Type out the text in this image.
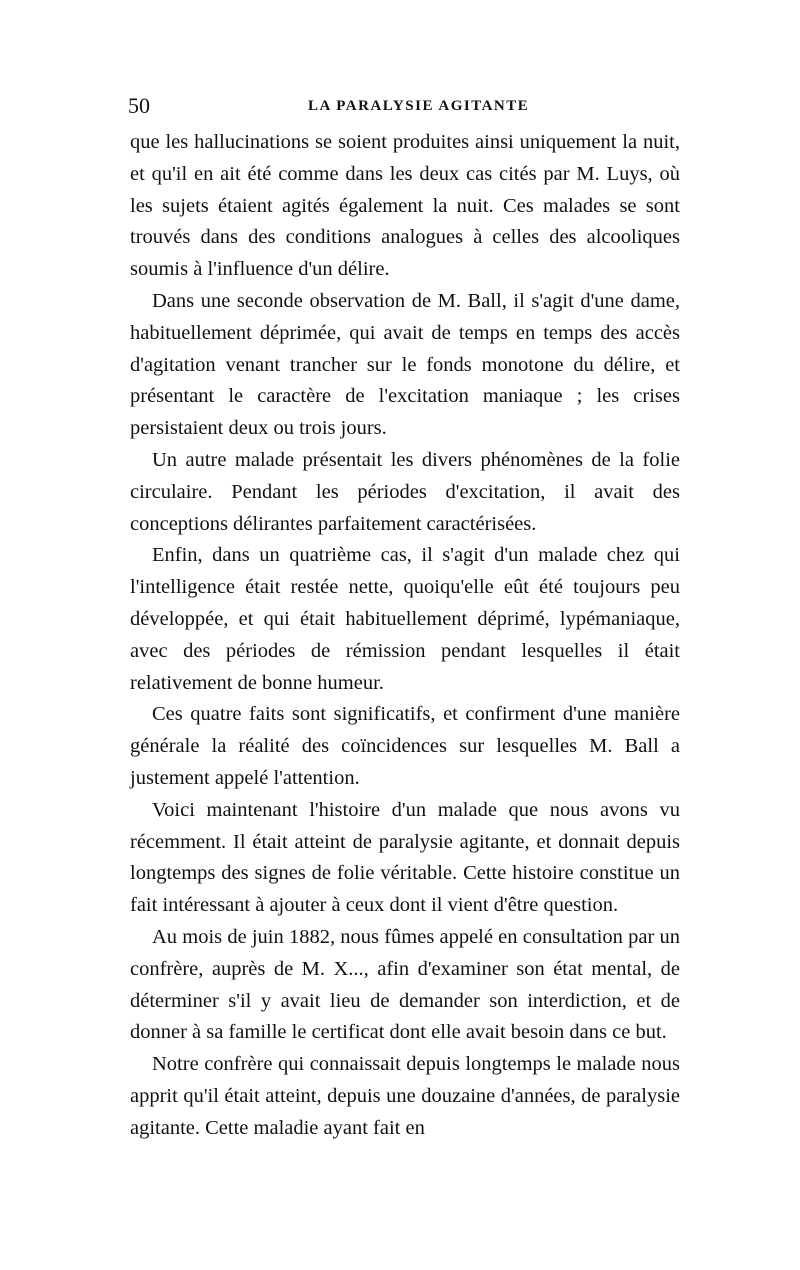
50	LA PARALYSIE AGITANTE

que les hallucinations se soient produites ainsi uniquement la nuit, et qu'il en ait été comme dans les deux cas cités par M. Luys, où les sujets étaient agités également la nuit. Ces malades se sont trouvés dans des conditions analogues à celles des alcooliques soumis à l'influence d'un délire.

Dans une seconde observation de M. Ball, il s'agit d'une dame, habituellement déprimée, qui avait de temps en temps des accès d'agitation venant trancher sur le fonds monotone du délire, et présentant le caractère de l'excitation maniaque ; les crises persistaient deux ou trois jours.

Un autre malade présentait les divers phénomènes de la folie circulaire. Pendant les périodes d'excitation, il avait des conceptions délirantes parfaitement caractérisées.

Enfin, dans un quatrième cas, il s'agit d'un malade chez qui l'intelligence était restée nette, quoiqu'elle eût été toujours peu développée, et qui était habituellement déprimé, lypémaniaque, avec des périodes de rémission pendant lesquelles il était relativement de bonne humeur.

Ces quatre faits sont significatifs, et confirment d'une manière générale la réalité des coïncidences sur lesquelles M. Ball a justement appelé l'attention.

Voici maintenant l'histoire d'un malade que nous avons vu récemment. Il était atteint de paralysie agitante, et donnait depuis longtemps des signes de folie véritable. Cette histoire constitue un fait intéressant à ajouter à ceux dont il vient d'être question.

Au mois de juin 1882, nous fûmes appelé en consultation par un confrère, auprès de M. X..., afin d'examiner son état mental, de déterminer s'il y avait lieu de demander son interdiction, et de donner à sa famille le certificat dont elle avait besoin dans ce but.

Notre confrère qui connaissait depuis longtemps le malade nous apprit qu'il était atteint, depuis une douzaine d'années, de paralysie agitante. Cette maladie ayant fait en
